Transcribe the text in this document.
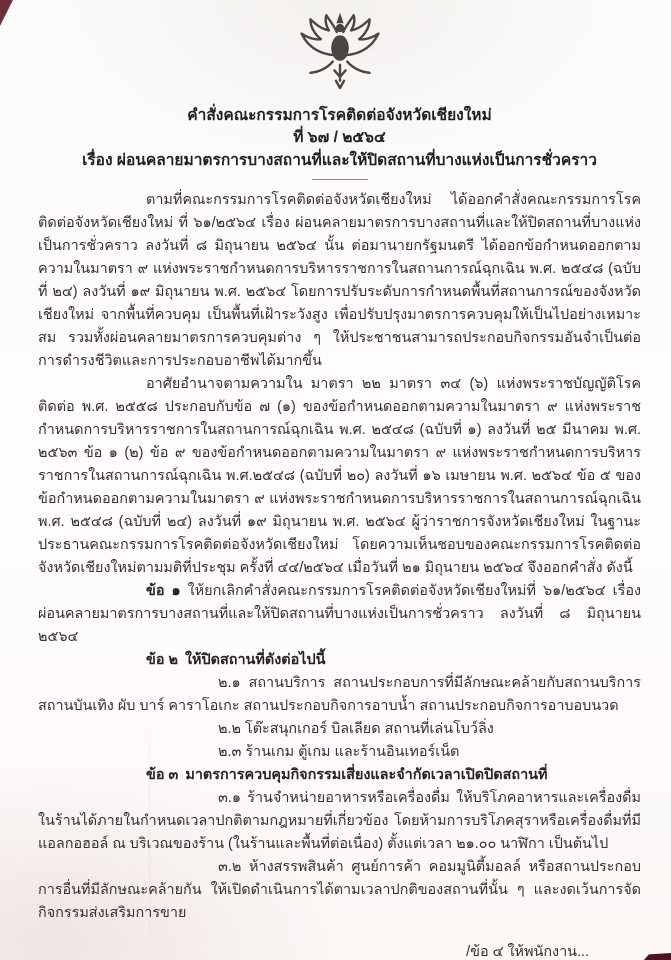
คำสั่งคณะกรรมการโรคติดต่อจังหวัดเชียงใหม่
ที่ ๖๗ / ๒๕๖๔
เรื่อง ผ่อนคลายมาตรการบางสถานที่และให้ปิดสถานที่บางแห่งเป็นการชั่วคราว

ตามที่คณะกรรมการโรคติดต่อจังหวัดเชียงใหม่ ได้ออกคำสั่งคณะกรรมการโรคติดต่อจังหวัดเชียงใหม่ ที่ ๖๑/๒๕๖๔ เรื่อง ผ่อนคลายมาตรการบางสถานที่และให้ปิดสถานที่บางแห่งเป็นการชั่วคราว ลงวันที่ ๘ มิถุนายน ๒๕๖๔ นั้น ต่อมานายกรัฐมนตรี ได้ออกข้อกำหนดออกตามความในมาตรา ๙ แห่งพระราชกำหนดการบริหารราชการในสถานการณ์ฉุกเฉิน พ.ศ. ๒๕๔๘ (ฉบับที่ ๒๔) ลงวันที่ ๑๙ มิถุนายน พ.ศ. ๒๕๖๔ โดยการปรับระดับการกำหนดพื้นที่สถานการณ์ของจังหวัดเชียงใหม่ จากพื้นที่ควบคุม เป็นพื้นที่เฝ้าระวังสูง เพื่อปรับปรุงมาตรการควบคุมให้เป็นไปอย่างเหมาะสม รวมทั้งผ่อนคลายมาตรการควบคุมต่าง ๆ ให้ประชาชนสามารถประกอบกิจกรรมอันจำเป็นต่อการดำรงชีวิตและการประกอบอาชีพได้มากขึ้น

อาศัยอำนาจตามความใน มาตรา ๒๒ มาตรา ๓๔ (๖) แห่งพระราชบัญญัติโรคติดต่อ พ.ศ. ๒๕๕๘ ประกอบกับข้อ ๗ (๑) ของข้อกำหนดออกตามความในมาตรา ๙ แห่งพระราชกำหนดการบริหารราชการในสถานการณ์ฉุกเฉิน พ.ศ. ๒๕๔๘ (ฉบับที่ ๑) ลงวันที่ ๒๕ มีนาคม พ.ศ. ๒๕๖๓ ข้อ ๑ (๒) ข้อ ๙ ของข้อกำหนดออกตามความในมาตรา ๙ แห่งพระราชกำหนดการบริหารราชการในสถานการณ์ฉุกเฉิน พ.ศ.๒๕๔๘ (ฉบับที่ ๒๐) ลงวันที่ ๑๖ เมษายน พ.ศ. ๒๕๖๔ ข้อ ๕ ของข้อกำหนดออกตามความในมาตรา ๙ แห่งพระราชกำหนดการบริหารราชการในสถานการณ์ฉุกเฉิน พ.ศ. ๒๕๔๘ (ฉบับที่ ๒๔) ลงวันที่ ๑๙ มิถุนายน พ.ศ. ๒๕๖๔ ผู้ว่าราชการจังหวัดเชียงใหม่ ในฐานะประธานคณะกรรมการโรคติดต่อจังหวัดเชียงใหม่ โดยความเห็นชอบของคณะกรรมการโรคติดต่อจังหวัดเชียงใหม่ตามมติที่ประชุม ครั้งที่ ๔๔/๒๕๖๔ เมื่อวันที่ ๒๑ มิถุนายน ๒๕๖๔ จึงออกคำสั่ง ดังนี้

ข้อ ๑ ให้ยกเลิกคำสั่งคณะกรรมการโรคติดต่อจังหวัดเชียงใหม่ที่ ๖๑/๒๕๖๔ เรื่อง ผ่อนคลายมาตรการบางสถานที่และให้ปิดสถานที่บางแห่งเป็นการชั่วคราว ลงวันที่ ๘ มิถุนายน ๒๕๖๔

ข้อ ๒ ให้ปิดสถานที่ดังต่อไปนี้

๒.๑ สถานบริการ สถานประกอบการที่มีลักษณะคล้ายกับสถานบริการ สถานบันเทิง ผับ บาร์ คาราโอเกะ สถานประกอบกิจการอาบน้ำ สถานประกอบกิจการอาบอบนวด

๒.๒ โต๊ะสนุกเกอร์ บิลเลียด สถานที่เล่นโบว์ลิ่ง

๒.๓ ร้านเกม ตู้เกม และร้านอินเทอร์เน็ต

ข้อ ๓ มาตรการควบคุมกิจกรรมเสี่ยงและจำกัดเวลาเปิดปิดสถานที่

๓.๑ ร้านจำหน่ายอาหารหรือเครื่องดื่ม ให้บริโภคอาหารและเครื่องดื่มในร้านได้ภายในกำหนดเวลาปกติตามกฎหมายที่เกี่ยวข้อง โดยห้ามการบริโภคสุราหรือเครื่องดื่มที่มีแอลกอฮอล์ ณ บริเวณของร้าน (ในร้านและพื้นที่ต่อเนื่อง) ตั้งแต่เวลา ๒๑.๐๐ นาฬิกา เป็นต้นไป

๓.๒ ห้างสรรพสินค้า ศูนย์การค้า คอมมูนิตี้มอลล์ หรือสถานประกอบการอื่นที่มีลักษณะคล้ายกัน ให้เปิดดำเนินการได้ตามเวลาปกติของสถานที่นั้น ๆ และงดเว้นการจัดกิจกรรมส่งเสริมการขาย

/ข้อ ๔ ให้พนักงาน...
